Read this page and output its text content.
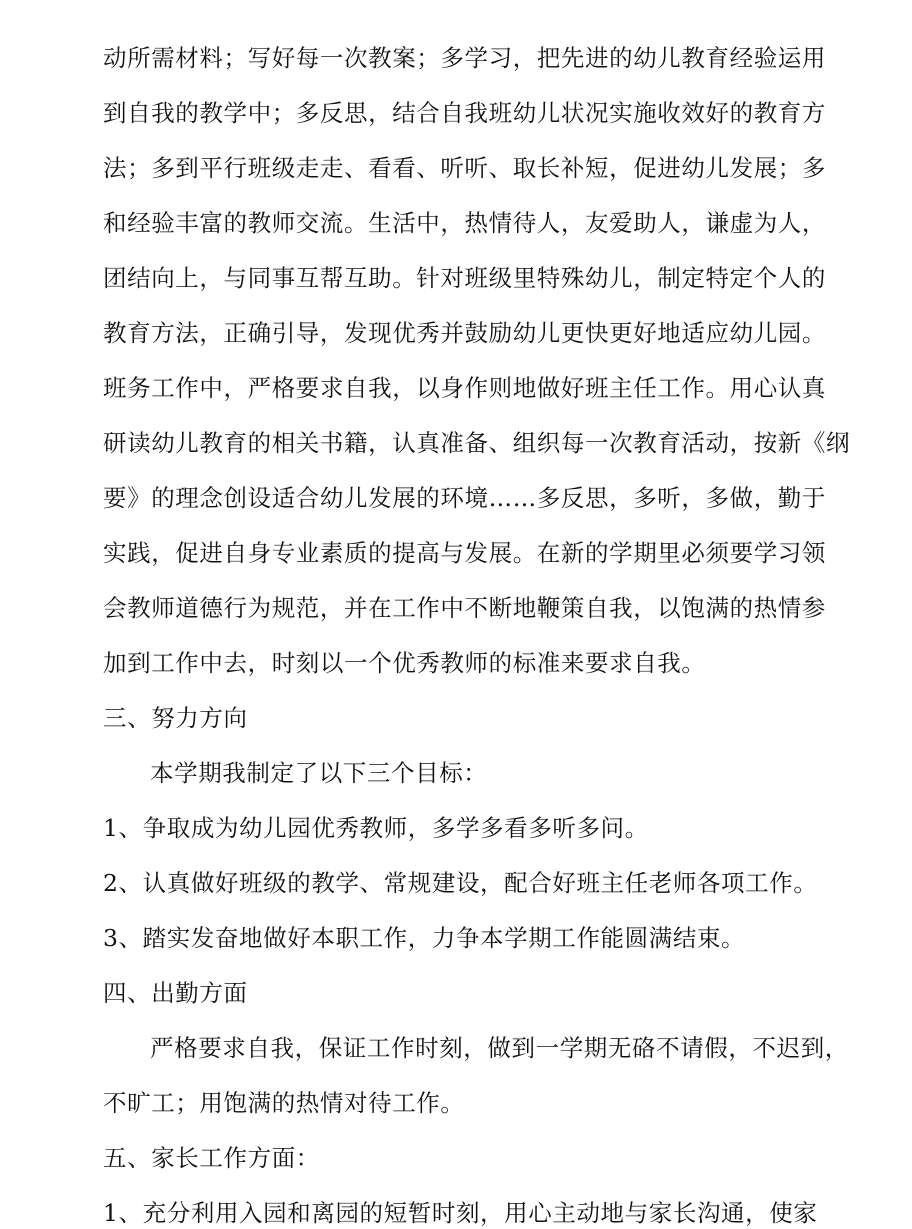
动所需材料；写好每一次教案；多学习，把先进的幼儿教育经验运用
到自我的教学中；多反思，结合自我班幼儿状况实施收效好的教育方
法；多到平行班级走走、看看、听听、取长补短，促进幼儿发展；多
和经验丰富的教师交流。生活中，热情待人，友爱助人，谦虚为人，
团结向上，与同事互帮互助。针对班级里特殊幼儿，制定特定个人的
教育方法，正确引导，发现优秀并鼓励幼儿更快更好地适应幼儿园。
班务工作中，严格要求自我，以身作则地做好班主任工作。用心认真
研读幼儿教育的相关书籍，认真准备、组织每一次教育活动，按新《纲
要》的理念创设适合幼儿发展的环境……多反思，多听，多做，勤于
实践，促进自身专业素质的提高与发展。在新的学期里必须要学习领
会教师道德行为规范，并在工作中不断地鞭策自我，以饱满的热情参
加到工作中去，时刻以一个优秀教师的标准来要求自我。
三、努力方向
本学期我制定了以下三个目标：
1、争取成为幼儿园优秀教师，多学多看多听多问。
2、认真做好班级的教学、常规建设，配合好班主任老师各项工作。
3、踏实发奋地做好本职工作，力争本学期工作能圆满结束。
四、出勤方面
严格要求自我，保证工作时刻，做到一学期无硌不请假，不迟到，
不旷工；用饱满的热情对待工作。
五、家长工作方面：
1、充分利用入园和离园的短暂时刻，用心主动地与家长沟通，使家
